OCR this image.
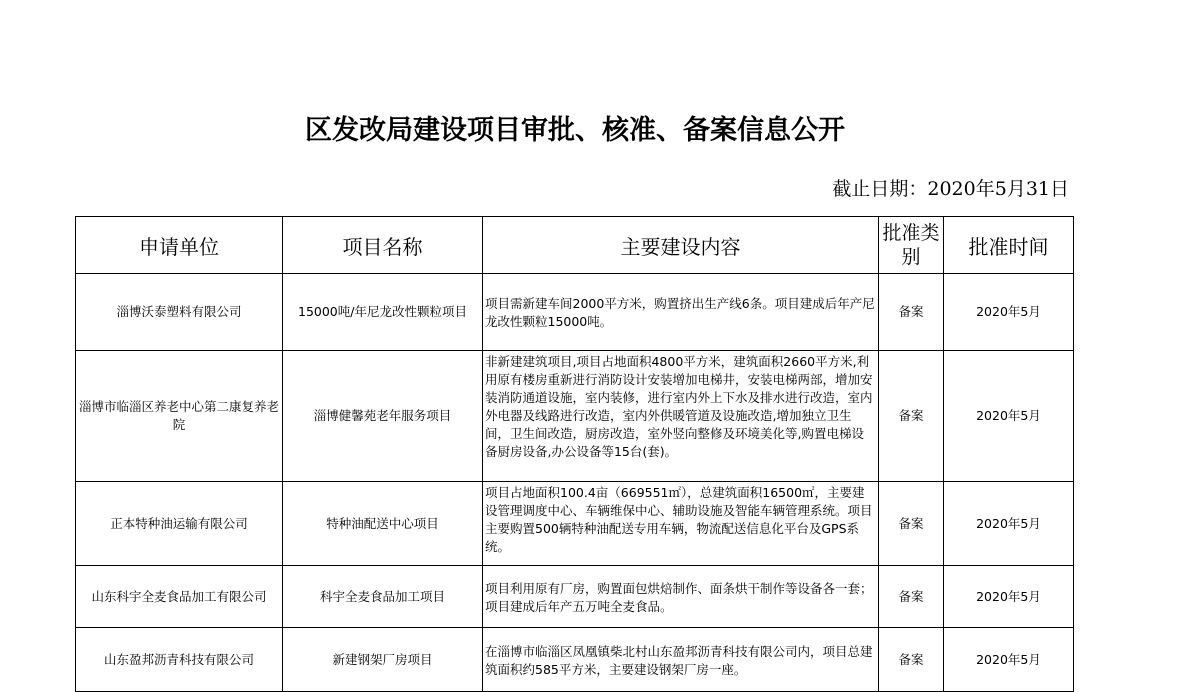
区发改局建设项目审批、核准、备案信息公开
截止日期：2020年5月31日
申请单位	项目名称	主要建设内容	批准类别	批准时间
淄博沃泰塑料有限公司	15000吨/年尼龙改性颗粒项目	项目需新建车间2000平方米，购置挤出生产线6条。项目建成后年产尼龙改性颗粒15000吨。	备案	2020年5月
淄博市临淄区养老中心第二康复养老院	淄博健馨苑老年服务项目	非新建建筑项目,项目占地面积4800平方米，建筑面积2660平方米,利用原有楼房重新进行消防设计安装增加电梯井，安装电梯两部，增加安装消防通道设施，室内装修，进行室内外上下水及排水进行改造，室内外电器及线路进行改造，室内外供暖管道及设施改造,增加独立卫生间，卫生间改造，厨房改造，室外竖向整修及环境美化等,购置电梯设备厨房设备,办公设备等15台(套)。	备案	2020年5月
正本特种油运输有限公司	特种油配送中心项目	项目占地面积100.4亩（669551㎡），总建筑面积16500㎡，主要建设管理调度中心、车辆维保中心、辅助设施及智能车辆管理系统。项目主要购置500辆特种油配送专用车辆，物流配送信息化平台及GPS系统。	备案	2020年5月
山东科宇全麦食品加工有限公司	科宇全麦食品加工项目	项目利用原有厂房，购置面包烘焙制作、面条烘干制作等设备各一套；项目建成后年产五万吨全麦食品。	备案	2020年5月
山东盈邦沥青科技有限公司	新建钢架厂房项目	在淄博市临淄区凤凰镇柴北村山东盈邦沥青科技有限公司内，项目总建筑面积约585平方米，主要建设钢架厂房一座。	备案	2020年5月
